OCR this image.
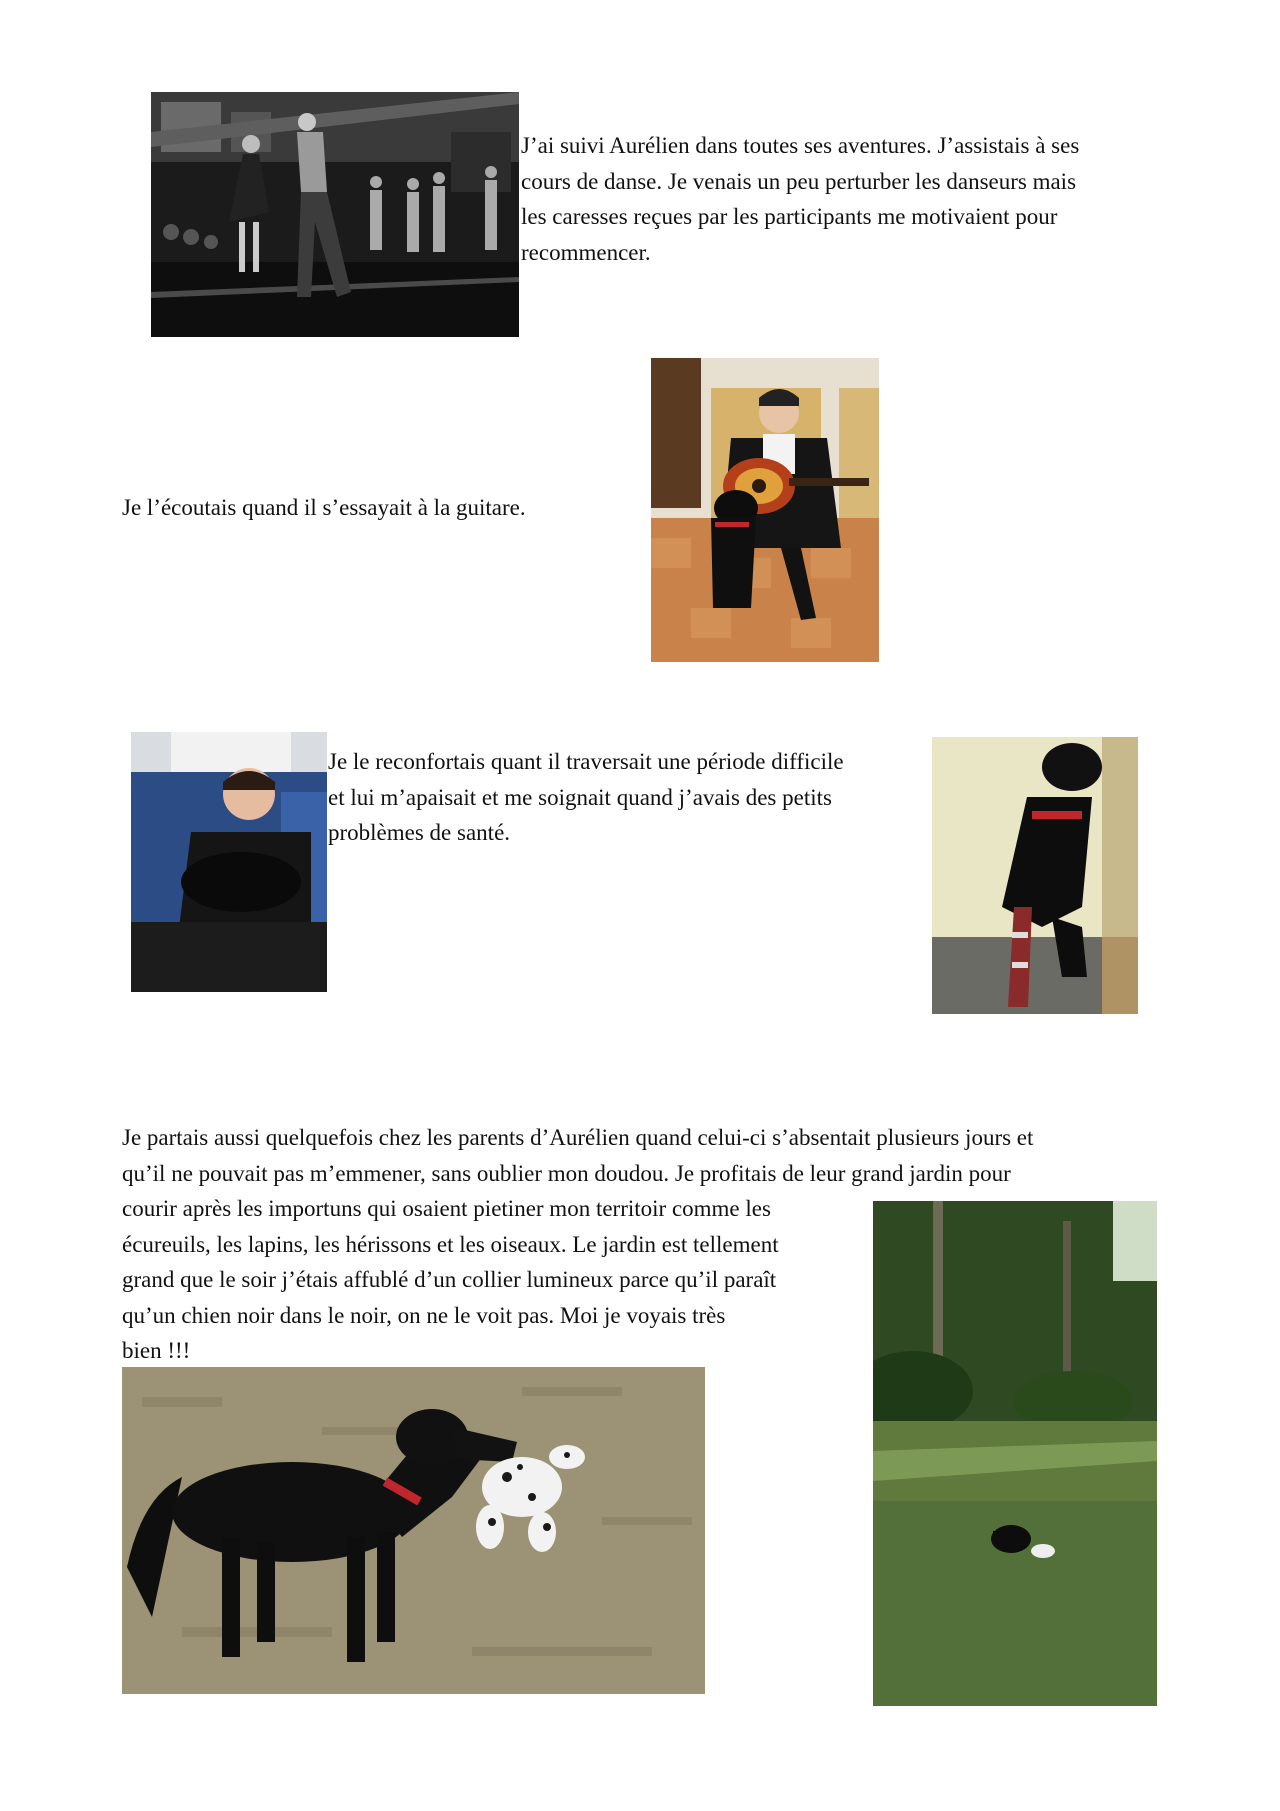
J’ai suivi Aurélien dans toutes ses aventures. J’assistais à ses
cours de danse. Je venais un peu perturber les danseurs mais
les caresses reçues par les participants me motivaient pour
recommencer.
Je l’écoutais quand il s’essayait à la guitare.
Je le reconfortais quant il traversait une période difficile
et lui m’apaisait et me soignait quand j’avais des petits
problèmes de santé.
Je partais aussi quelquefois chez les parents d’Aurélien quand celui-ci s’absentait plusieurs jours et
qu’il ne pouvait pas m’emmener, sans oublier mon doudou. Je profitais de leur grand jardin pour
courir après les importuns qui osaient pietiner mon territoir comme les
écureuils, les lapins, les hérissons et les oiseaux. Le jardin est tellement
grand que le soir j’étais affublé d’un collier lumineux parce qu’il paraît
qu’un chien noir dans le noir, on ne le voit pas. Moi je voyais très
bien !!!
